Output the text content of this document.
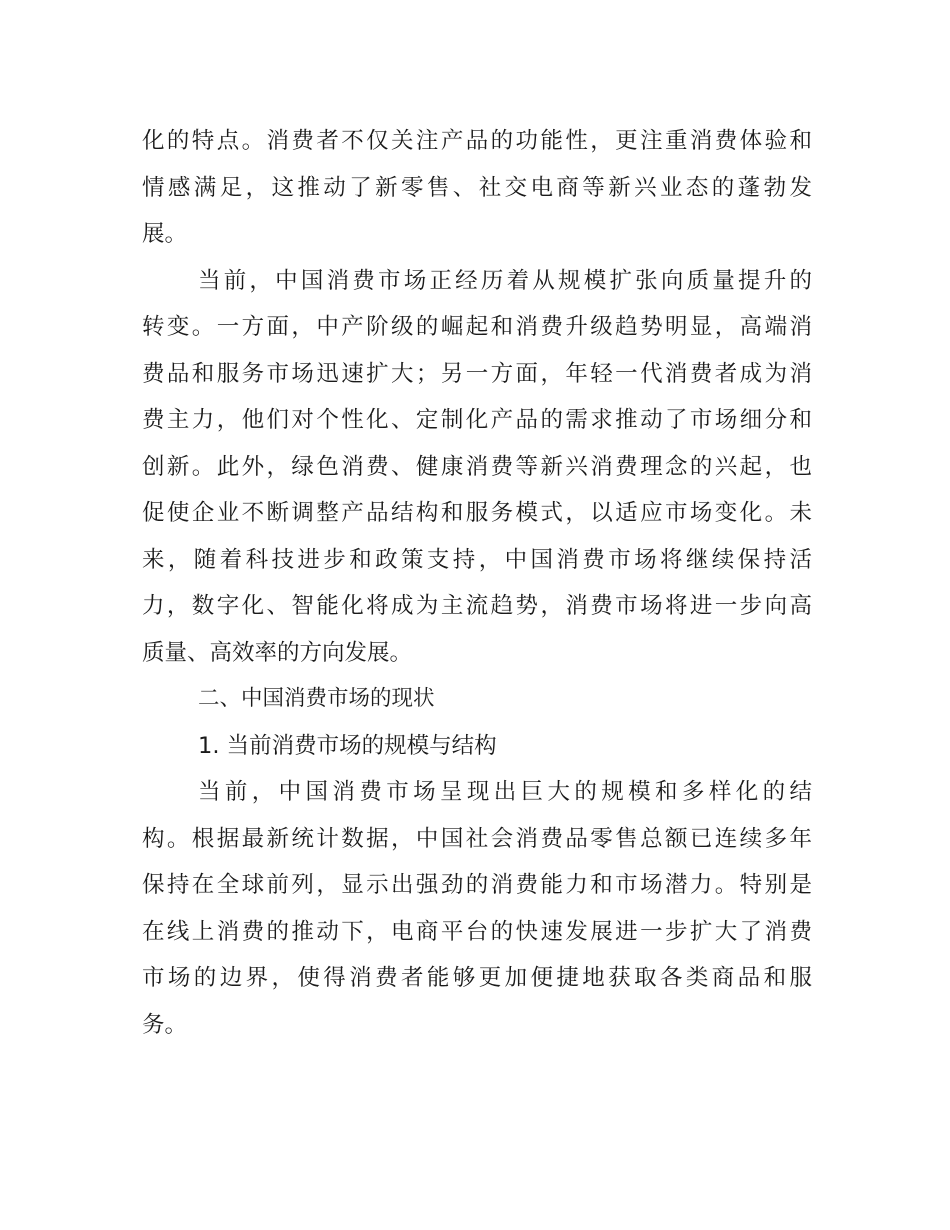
化的特点。消费者不仅关注产品的功能性，更注重消费体验和
情感满足，这推动了新零售、社交电商等新兴业态的蓬勃发
展。
当前，中国消费市场正经历着从规模扩张向质量提升的
转变。一方面，中产阶级的崛起和消费升级趋势明显，高端消
费品和服务市场迅速扩大；另一方面，年轻一代消费者成为消
费主力，他们对个性化、定制化产品的需求推动了市场细分和
创新。此外，绿色消费、健康消费等新兴消费理念的兴起，也
促使企业不断调整产品结构和服务模式，以适应市场变化。未
来，随着科技进步和政策支持，中国消费市场将继续保持活
力，数字化、智能化将成为主流趋势，消费市场将进一步向高
质量、高效率的方向发展。
二、中国消费市场的现状
1. 当前消费市场的规模与结构
当前，中国消费市场呈现出巨大的规模和多样化的结
构。根据最新统计数据，中国社会消费品零售总额已连续多年
保持在全球前列，显示出强劲的消费能力和市场潜力。特别是
在线上消费的推动下，电商平台的快速发展进一步扩大了消费
市场的边界，使得消费者能够更加便捷地获取各类商品和服
务。
